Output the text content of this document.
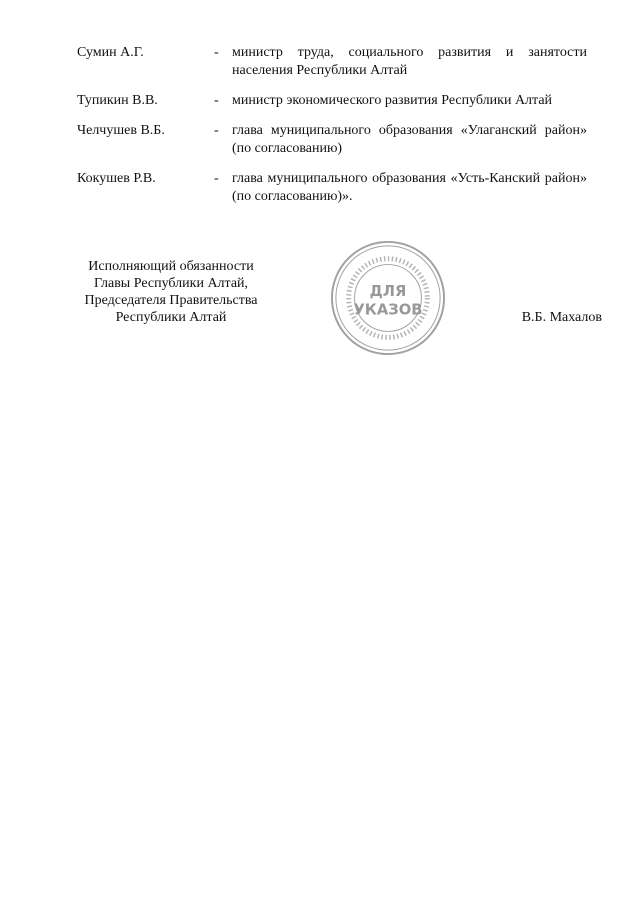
Сумин А.Г.	- министр труда, социального развития и занятости населения Республики Алтай
Тупикин В.В.	- министр экономического развития Республики Алтай
Челчушев В.Б.	- глава муниципального образования «Улаганский район» (по согласованию)
Кокушев Р.В.	- глава муниципального образования «Усть-Канский район» (по согласованию)».
Исполняющий обязанности
Главы Республики Алтай,
Председателя Правительства
Республики Алтай
ДЛЯ
УКАЗОВ	В.Б. Махалов
